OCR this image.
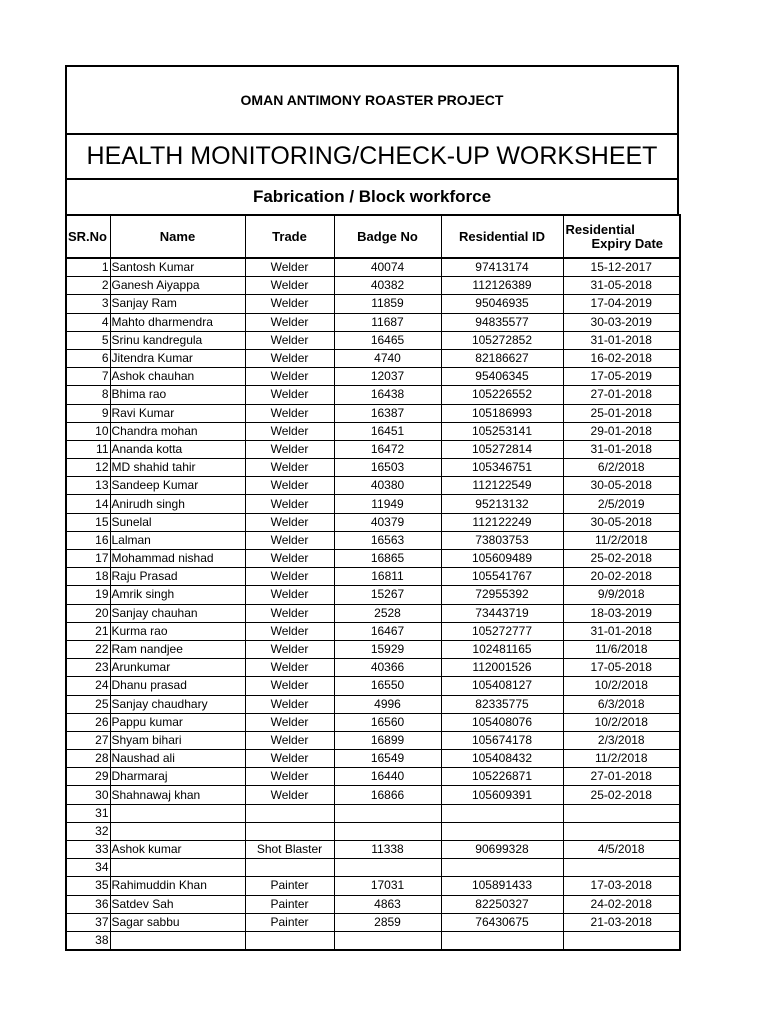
OMAN ANTIMONY ROASTER PROJECT
HEALTH MONITORING/CHECK-UP WORKSHEET
Fabrication / Block workforce
SR.No	Name	Trade	Badge No	Residential ID	Residential
Expiry Date

1	Santosh Kumar	Welder	40074	97413174	15-12-2017
2	Ganesh Aiyappa	Welder	40382	112126389	31-05-2018
3	Sanjay Ram	Welder	11859	95046935	17-04-2019
4	Mahto dharmendra	Welder	11687	94835577	30-03-2019
5	Srinu kandregula	Welder	16465	105272852	31-01-2018
6	Jitendra Kumar	Welder	4740	82186627	16-02-2018
7	Ashok chauhan	Welder	12037	95406345	17-05-2019
8	Bhima rao	Welder	16438	105226552	27-01-2018
9	Ravi Kumar	Welder	16387	105186993	25-01-2018
10	Chandra mohan	Welder	16451	105253141	29-01-2018
11	Ananda kotta	Welder	16472	105272814	31-01-2018
12	MD shahid tahir	Welder	16503	105346751	6/2/2018
13	Sandeep Kumar	Welder	40380	112122549	30-05-2018
14	Anirudh singh	Welder	11949	95213132	2/5/2019
15	Sunelal	Welder	40379	112122249	30-05-2018
16	Lalman	Welder	16563	73803753	11/2/2018
17	Mohammad nishad	Welder	16865	105609489	25-02-2018
18	Raju Prasad	Welder	16811	105541767	20-02-2018
19	Amrik singh	Welder	15267	72955392	9/9/2018
20	Sanjay chauhan	Welder	2528	73443719	18-03-2019
21	Kurma rao	Welder	16467	105272777	31-01-2018
22	Ram nandjee	Welder	15929	102481165	11/6/2018
23	Arunkumar	Welder	40366	112001526	17-05-2018
24	Dhanu prasad	Welder	16550	105408127	10/2/2018
25	Sanjay chaudhary	Welder	4996	82335775	6/3/2018
26	Pappu kumar	Welder	16560	105408076	10/2/2018
27	Shyam bihari	Welder	16899	105674178	2/3/2018
28	Naushad ali	Welder	16549	105408432	11/2/2018
29	Dharmaraj	Welder	16440	105226871	27-01-2018
30	Shahnawaj khan	Welder	16866	105609391	25-02-2018
31					
32					
33	Ashok kumar	Shot Blaster	11338	90699328	4/5/2018
34					
35	Rahimuddin Khan	Painter	17031	105891433	17-03-2018
36	Satdev Sah	Painter	4863	82250327	24-02-2018
37	Sagar sabbu	Painter	2859	76430675	21-03-2018
38					
